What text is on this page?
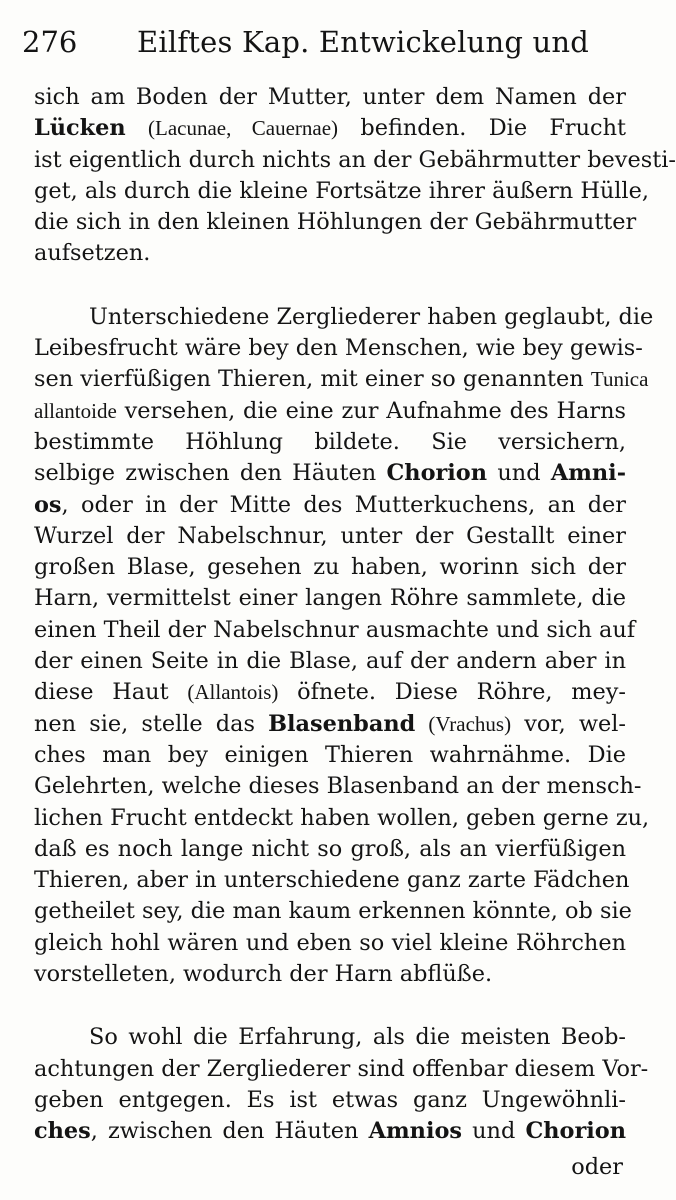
276 Eilftes Kap. Entwickelung und
sich am Boden der Mutter, unter dem Namen der
Lücken (Lacunae, Cauernae) befinden. Die Frucht
ist eigentlich durch nichts an der Gebährmutter bevesti-
get, als durch die kleine Fortsätze ihrer äußern Hülle,
die sich in den kleinen Höhlungen der Gebährmutter
aufsetzen.
Unterschiedene Zergliederer haben geglaubt, die
Leibesfrucht wäre bey den Menschen, wie bey gewis-
sen vierfüßigen Thieren, mit einer so genannten Tunica
allantoide versehen, die eine zur Aufnahme des Harns
bestimmte Höhlung bildete. Sie versichern,
selbige zwischen den Häuten Chorion und Amni-
os, oder in der Mitte des Mutterkuchens, an der
Wurzel der Nabelschnur, unter der Gestallt einer
großen Blase, gesehen zu haben, worinn sich der
Harn, vermittelst einer langen Röhre sammlete, die
einen Theil der Nabelschnur ausmachte und sich auf
der einen Seite in die Blase, auf der andern aber in
diese Haut (Allantois) öfnete. Diese Röhre, mey-
nen sie, stelle das Blasenband (Vrachus) vor, wel-
ches man bey einigen Thieren wahrnähme. Die
Gelehrten, welche dieses Blasenband an der mensch-
lichen Frucht entdeckt haben wollen, geben gerne zu,
daß es noch lange nicht so groß, als an vierfüßigen
Thieren, aber in unterschiedene ganz zarte Fädchen
getheilet sey, die man kaum erkennen könnte, ob sie
gleich hohl wären und eben so viel kleine Röhrchen
vorstelleten, wodurch der Harn abflüße.
So wohl die Erfahrung, als die meisten Beob-
achtungen der Zergliederer sind offenbar diesem Vor-
geben entgegen. Es ist etwas ganz Ungewöhnli-
ches, zwischen den Häuten Amnios und Chorion
oder
